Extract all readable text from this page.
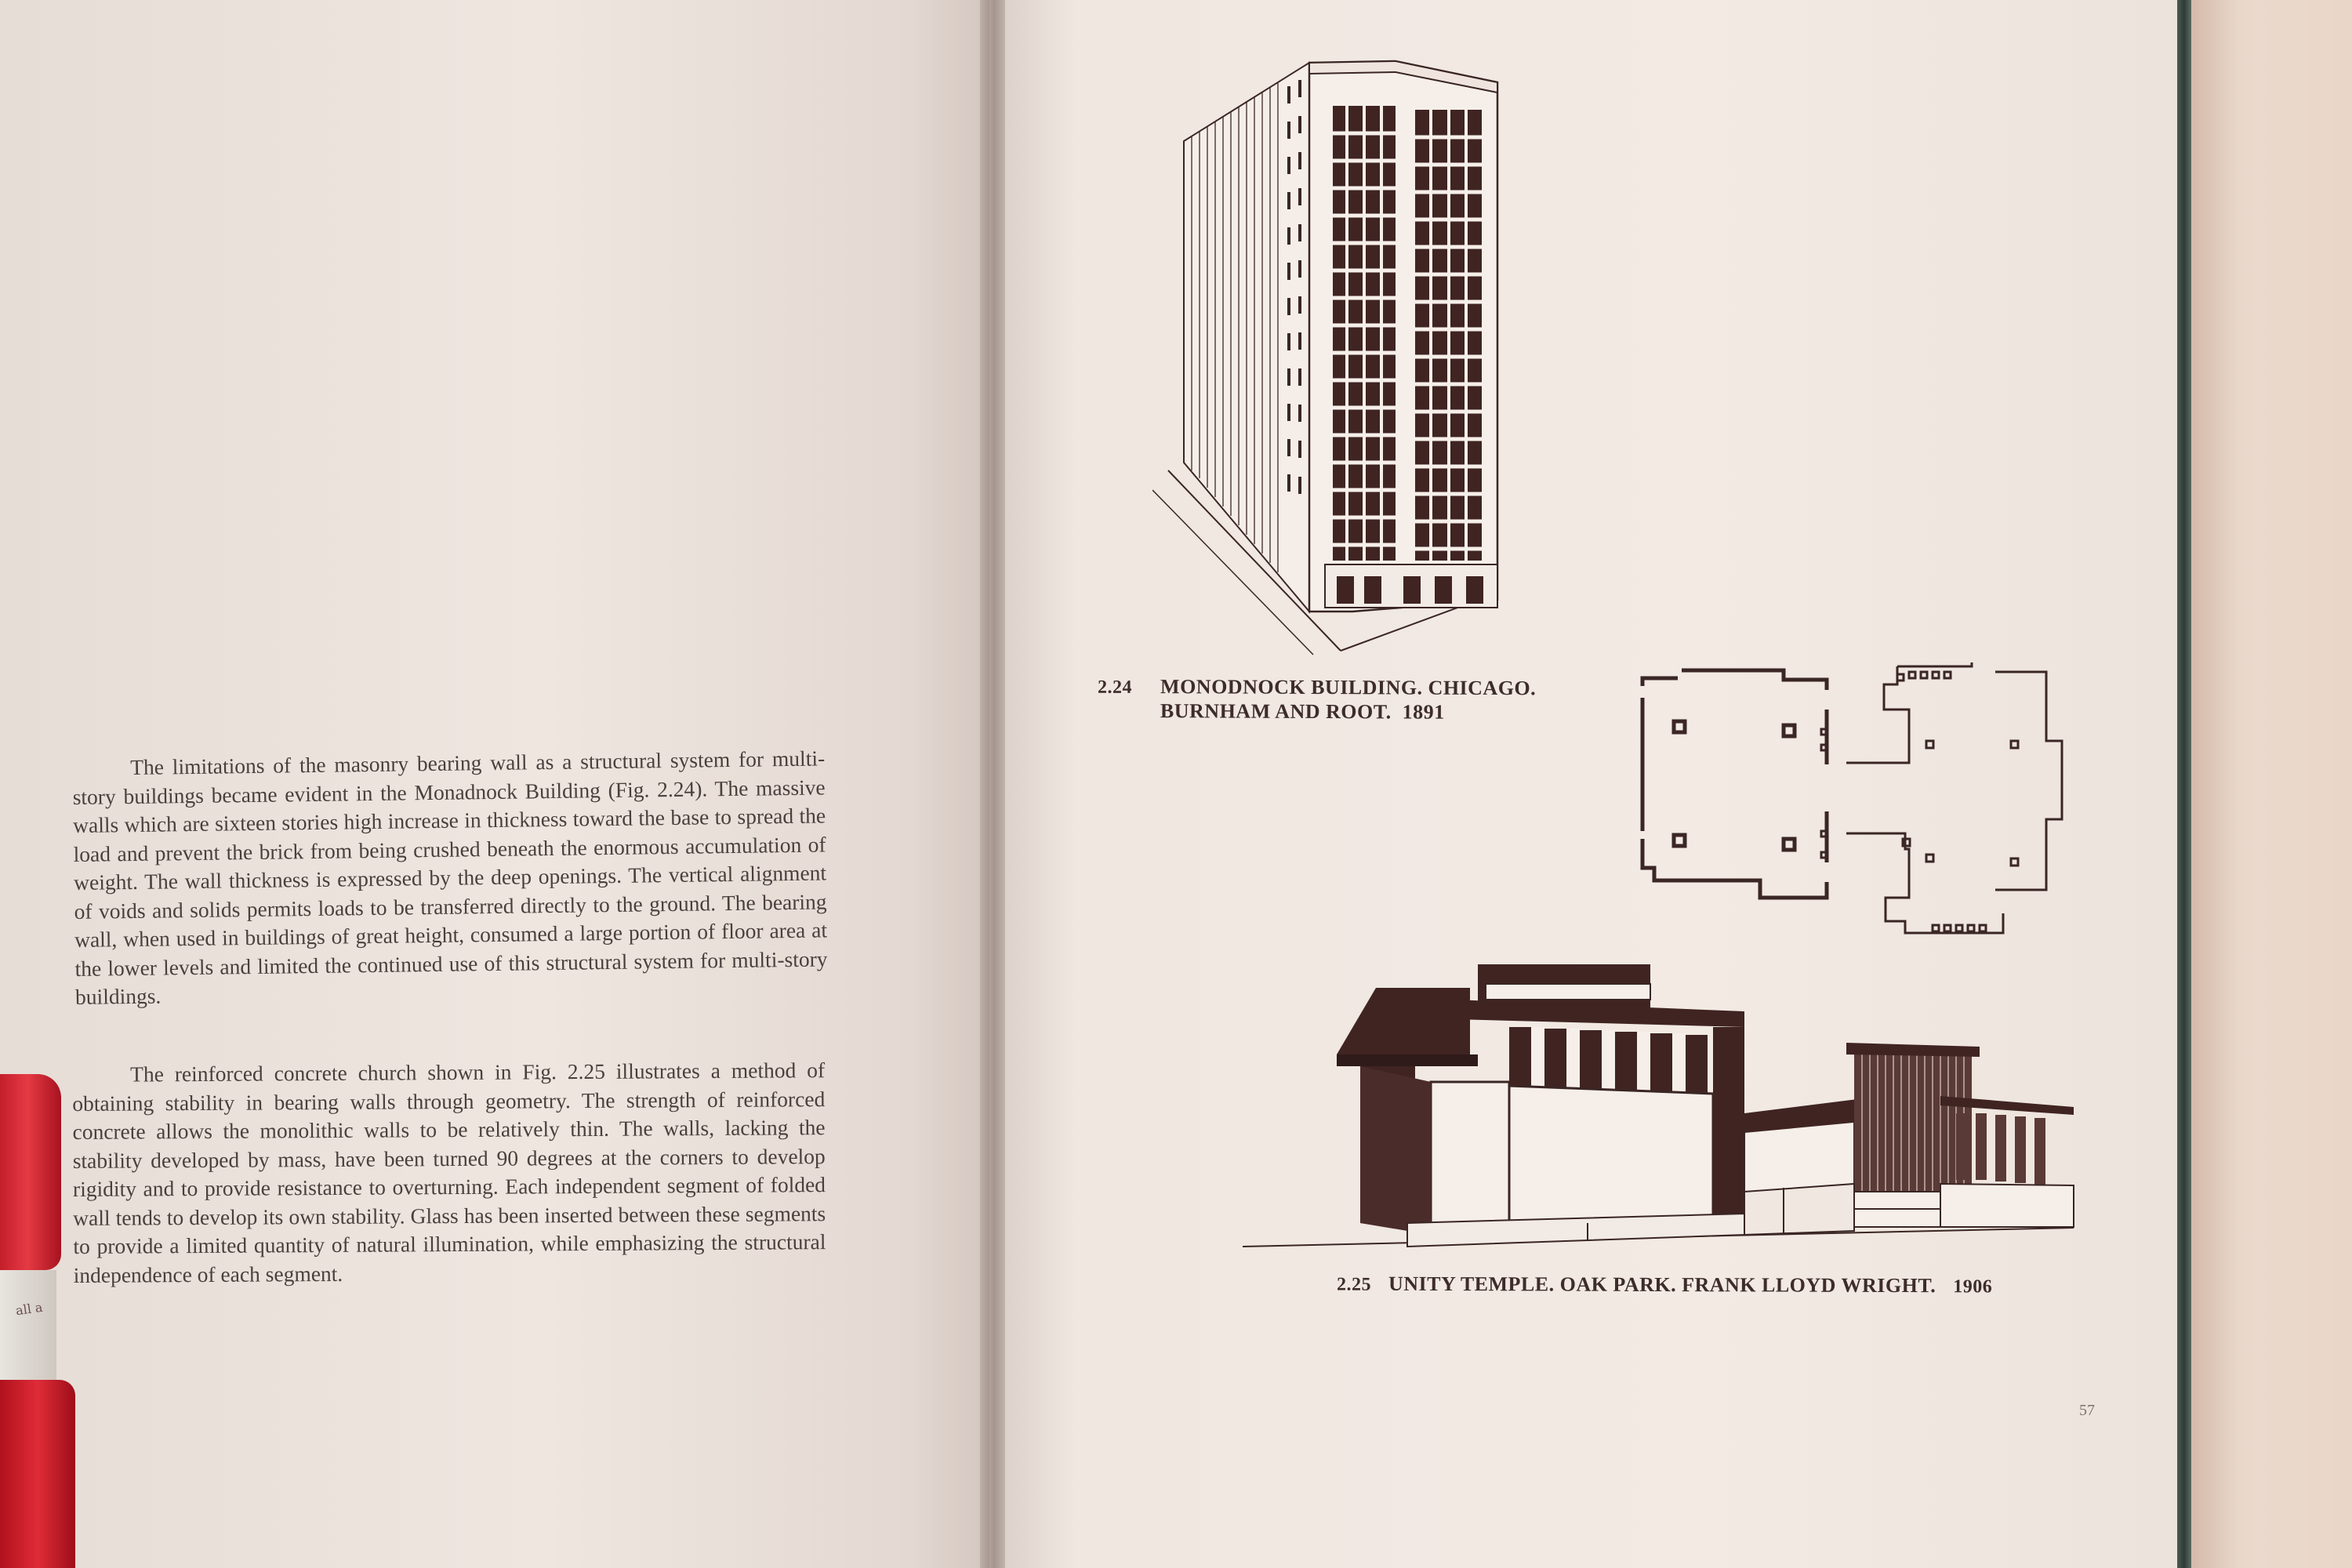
The limitations of the masonry bearing wall as a structural system for multi-story buildings became evident in the Monadnock Building (Fig. 2.24). The massive walls which are sixteen stories high increase in thickness toward the base to spread the load and prevent the brick from being crushed beneath the enormous accumulation of weight. The wall thickness is expressed by the deep openings. The vertical alignment of voids and solids permits loads to be transferred directly to the ground. The bearing wall, when used in buildings of great height, consumed a large portion of floor area at the lower levels and limited the continued use of this structural system for multi-story buildings.

The reinforced concrete church shown in Fig. 2.25 illustrates a method of obtaining stability in bearing walls through geometry. The strength of reinforced concrete allows the monolithic walls to be relatively thin. The walls, lacking the stability developed by mass, have been turned 90 degrees at the corners to develop rigidity and to provide resistance to overturning. Each independent segment of folded wall tends to develop its own stability. Glass has been inserted between these segments to provide a limited quantity of natural illumination, while emphasizing the structural independence of each segment.

all a
2.24 MONODNOCK BUILDING. CHICAGO.
BURNHAM AND ROOT. 1891
2.25 UNITY TEMPLE. OAK PARK. FRANK LLOYD WRIGHT. 1906
57
